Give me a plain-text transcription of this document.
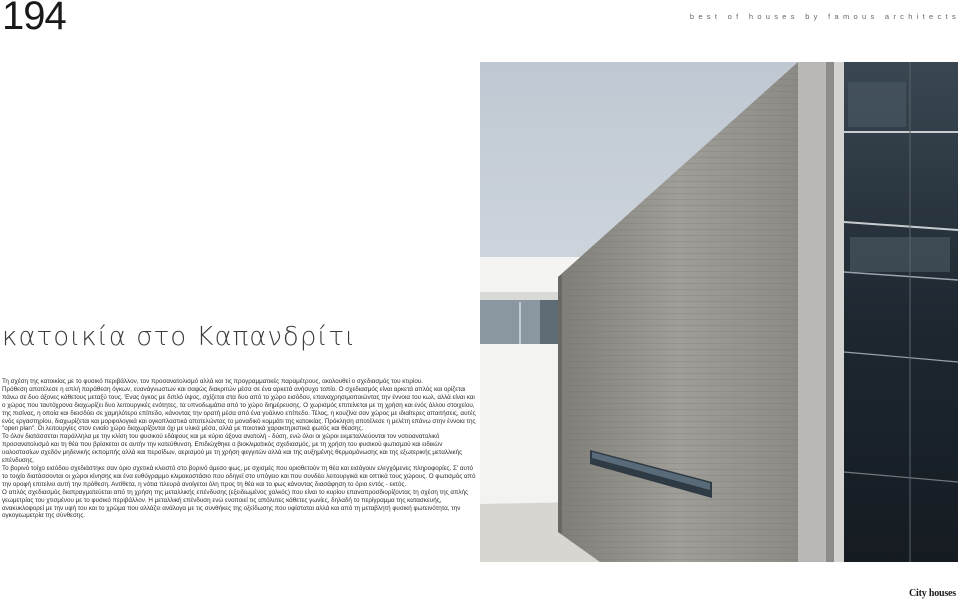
194	best of houses by famous architects
κατοικία στο Καπανδρίτι

Τη σχέση της κατοικίας με το φυσικό περιβάλλον, τον προσανατολισμό αλλά και τις προγραμματικές παραμέτρους, ακολουθεί ο σχεδιασμός του κτιρίου.

Πρόθεση αποτέλεσε η απλή παράθεση όγκων, ευανάγνωστων και σαφώς διακριτών μέσα σε ένα αρκετά ανήσυχο τοπίο. Ο σχεδιασμός είναι αρκετά απλός και ορίζεται πάνω σε δυο άξονες κάθετους μεταξύ τους. Ένας όγκος με διπλό ύψος, σχίζεται στα δυο από το χώρο εισόδου, επαναχρησιμοποιώντας την έννοια του κωλ, αλλά είναι και ο χώρος που ταυτόχρονα διαχωρίζει δυο λειτουργικές ενότητες, τα υπνοδωμάτια από το χώρο διημέρευσης. Ο χωρισμός επιτείνεται με τη χρήση και ενός άλλου στοιχείου, της πισίνας, η οποία και διεισδύει σε χαμηλότερο επίπεδο, κάνοντας την ορατή μέσα από ένα γυάλινο επίπεδο. Τέλος, η κουζίνα σαν χώρος με ιδιαίτερες απαιτήσεις, αυτές ενός εργαστηρίου, διαχωρίζεται και μορφολογικά και ογκοπλαστικά αποτελώντας το μοναδικό κομμάτι της κατοικίας. Πρόκληση αποτέλεσε η μελέτη επάνω στην έννοια της "open plan". Οι λειτουργίες στον ενιαίο χώρο διαχωρίζονται όχι με υλικά μέσα, αλλά με ποιοτικά χαρακτηριστικά φωτός και θέασης.

Το όλον διατάσσεται παράλληλα με την κλίση του φυσικού εδάφους και με κύριο άξονα ανατολή - δύση, ενώ όλοι οι χώροι εκμεταλλεύονται τον νοτιοανατολικό προσανατολισμό και τη θέα που βρίσκεται σε αυτήν την κατεύθυνση. Επιδιώχθηκε ο βιοκλιματικός σχεδιασμός, με τη χρήση του φυσικού φωτισμού και ειδικών υαλοστασίων σχεδόν μηδενικής εκπομπής αλλά και περσίδων, αερισμού με τη χρήση φεγγιτών αλλά και της αυξημένης θερμομόνωσης και της εξωτερικής μεταλλικής επένδυσης.

Το βορινό τοίχο εισόδου σχεδιάστηκε σαν όριο σχετικά κλειστό στο βορινό άμεσο φως, με σχισμές που οριοθετούν τη θέα και εισάγουν ελεγχόμενες πληροφορίες. Σ' αυτό το τοιχίο διατάσσονται οι χώροι κίνησης και ένα ευθύγραμμο κλιμακοστάσιο που οδηγεί στο υπόγειο και που συνδέει λειτουργικά και οπτικά τους χώρους. Ο φωτισμός από την οροφή επιτείνει αυτή την πρόθεση. Αντίθετα, η νότια πλευρά ανοίγεται όλη προς τη θέα και το φως κάνοντας διασάφηση το όριο εντός - εκτός.

Ο απλός σχεδιασμός διαπραγματεύεται από τη χρήση της μεταλλικής επένδυσης (εξειδιωμένος χαλκός) που είναι το κυρίου επαναπροσδιορίζοντας τη σχέση της απλής γεωμετρίας του χτισμένου με το φυσικό περιβάλλον. Η μεταλλική επένδυση ενώ ενοποιεί τις απόλυτες κάθετες γωνίες, δηλαδή το περίγραμμα της κατασκευής, ανακυκλοφορεί με την υφή του και το χρώμα που αλλάζει ανάλογα με τις συνθήκες της οξείδωσης που υφίσταται αλλά και από τη μεταβλητή φυσική φωτεινότητα, την ογκογεωμετρία της σύνθεσης.

City houses
